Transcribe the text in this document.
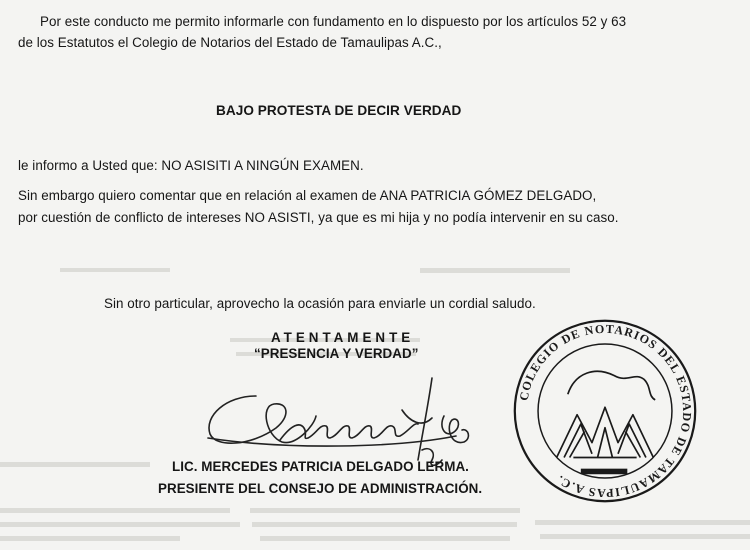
Por este conducto me permito informarle con fundamento en lo dispuesto por los artículos 52 y 63

de los Estatutos el Colegio de Notarios del Estado de Tamaulipas A.C.,

BAJO PROTESTA DE DECIR VERDAD

le informo a Usted que: NO ASISITI A NINGÚN EXAMEN.

Sin embargo quiero comentar que en relación al examen de ANA PATRICIA GÓMEZ DELGADO,

por cuestión de conflicto de intereses NO ASISTI, ya que es mi hija y no podía intervenir en su caso.

Sin otro particular, aprovecho la ocasión para enviarle un cordial saludo.

ATENTAMENTE

“PRESENCIA Y VERDAD”

LIC. MERCEDES PATRICIA DELGADO LERMA.

PRESIENTE DEL CONSEJO DE ADMINISTRACIÓN.

COLEGIO DE NOTARIOS DEL ESTADO DE TAMAULIPAS A.C.
